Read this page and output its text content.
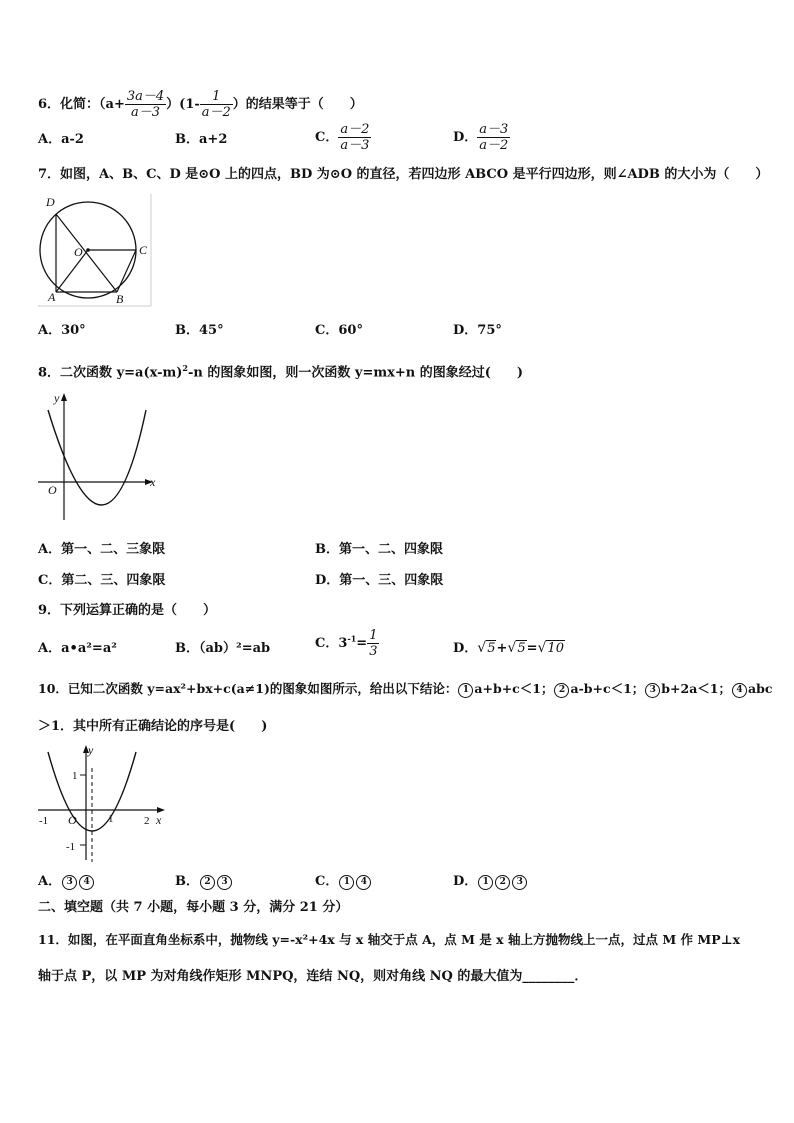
6．化简：$(a+ \frac{3a-4}{a-3} )(1- \frac{1}{a-2}$ ）的结果等于（　　）
A．a-2	B．a+2	C． $\frac{a-2}{a-3}$	D． $\frac{a-3}{a-2}$
7．如图，A、B、C、D 是⊙O 上的四点，BD 为⊙O 的直径，若四边形 ABCO 是平行四边形，则∠ADB 的大小为（　　）
D
O	C
A	B
A．30°	B．45°	C．60°	D．75°
8．二次函数 $y=a(x-m)^2-n$ 的图象如图，则一次函数 y=mx+n 的图象经过(　　)
y
x
O
A．第一、二、三象限	B．第一、二、四象限
C．第二、三、四象限	D．第一、三、四象限
9．下列运算正确的是（　　）
A．a•a²=a²	B．（ab）²=ab	C．$3^{-1}= \frac{1}{3}$	D．√5+√5=√10
10．已知二次函数 y=ax²+bx+c(a≠1)的图象如图所示，给出以下结论： 1 a+b+c＜1； 2 a-b+c＜1； 3 b+2a＜1； 4 abc
＞1．其中所有正确结论的序号是(　　)
y
x
O
1
-1	1	2
-1
A． 3 4	B． 2 3	C． 1 4	D． 1 2 3
二、填空题（共 7 小题，每小题 3 分，满分 21 分）
11．如图，在平面直角坐标系中，抛物线 y=-x²+4x 与 x 轴交于点 A，点 M 是 x 轴上方抛物线上一点，过点 M 作 MP⊥x
轴于点 P，以 MP 为对角线作矩形 MNPQ，连结 NQ，则对角线 NQ 的最大值为________．
